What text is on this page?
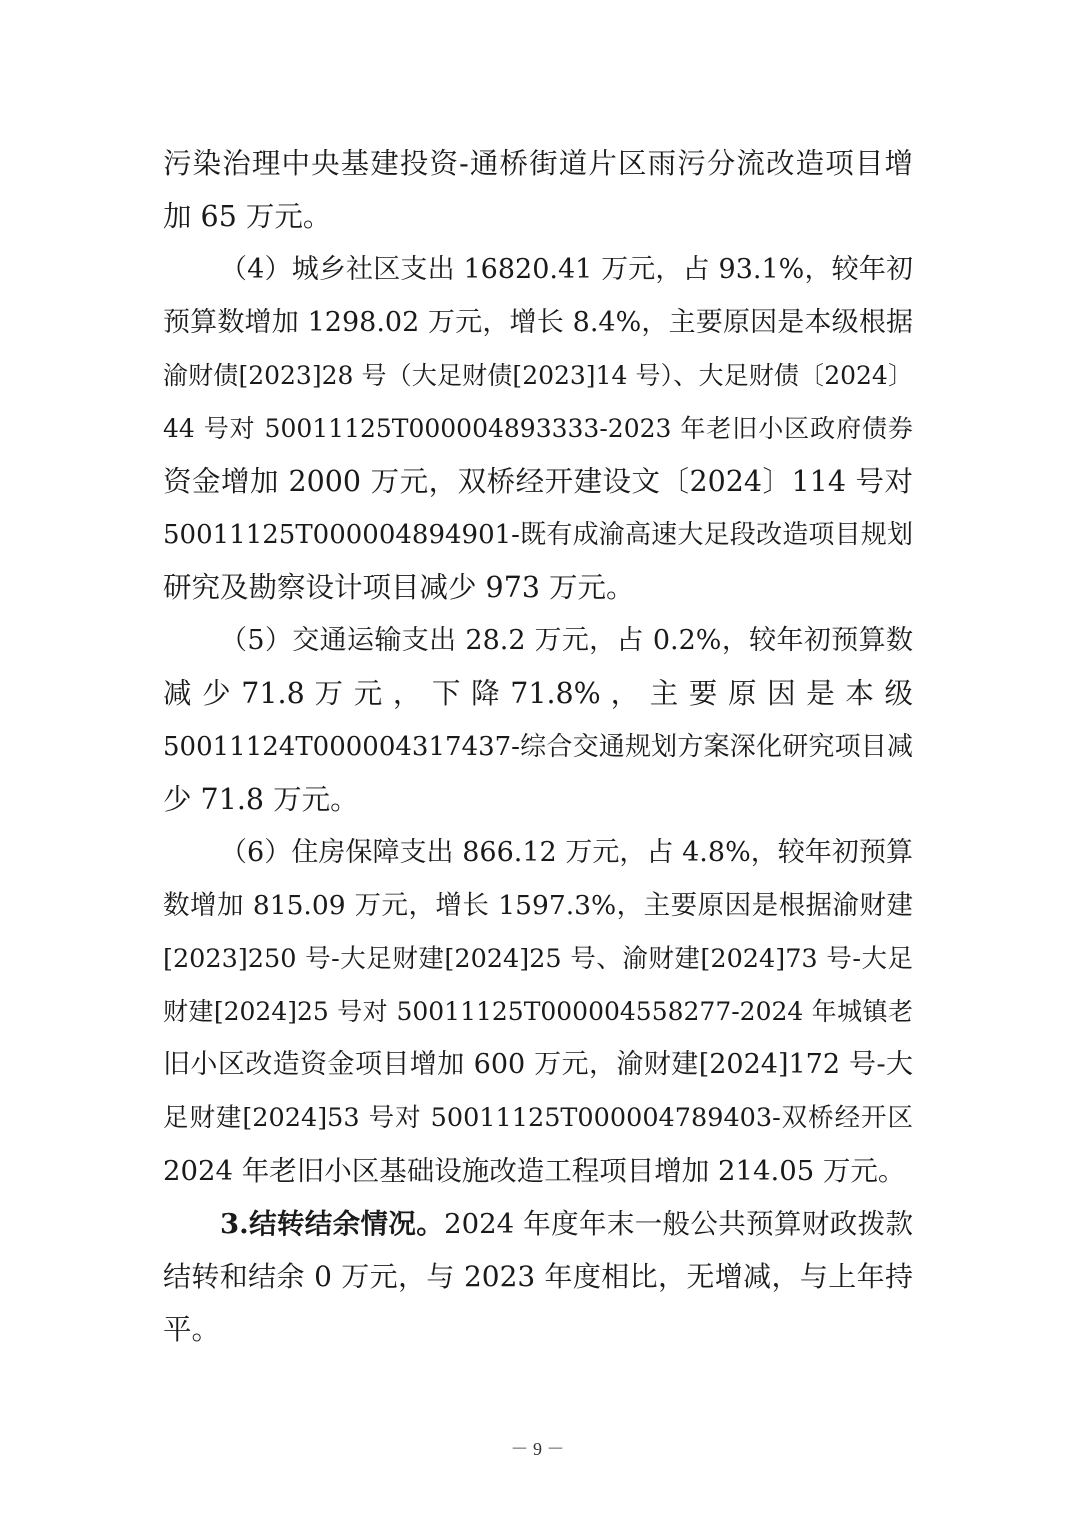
污染治理中央基建投资-通桥街道片区雨污分流改造项目增
加 65 万元。
（4）城乡社区支出 16820.41 万元，占 93.1%，较年初
预算数增加 1298.02 万元，增长 8.4%，主要原因是本级根据
渝财债[2023]28 号（大足财债[2023]14 号）、大足财债〔2024〕
44 号对 50011125T000004893333-2023 年老旧小区政府债券
资金增加 2000 万元，双桥经开建设文〔2024〕114 号对
50011125T000004894901-既有成渝高速大足段改造项目规划
研究及勘察设计项目减少 973 万元。
（5）交通运输支出 28.2 万元，占 0.2%，较年初预算数
减 少 71.8 万 元 ， 下 降 71.8% ， 主 要 原 因 是 本 级
50011124T000004317437-综合交通规划方案深化研究项目减
少 71.8 万元。
（6）住房保障支出 866.12 万元，占 4.8%，较年初预算
数增加 815.09 万元，增长 1597.3%，主要原因是根据渝财建
[2023]250 号-大足财建[2024]25 号、渝财建[2024]73 号-大足
财建[2024]25 号对 50011125T000004558277-2024 年城镇老
旧小区改造资金项目增加 600 万元，渝财建[2024]172 号-大
足财建[2024]53 号对 50011125T000004789403-双桥经开区
2024 年老旧小区基础设施改造工程项目增加 214.05 万元。
3.结转结余情况。2024 年度年末一般公共预算财政拨款
结转和结余 0 万元，与 2023 年度相比，无增减，与上年持
平。
－ 9 －
